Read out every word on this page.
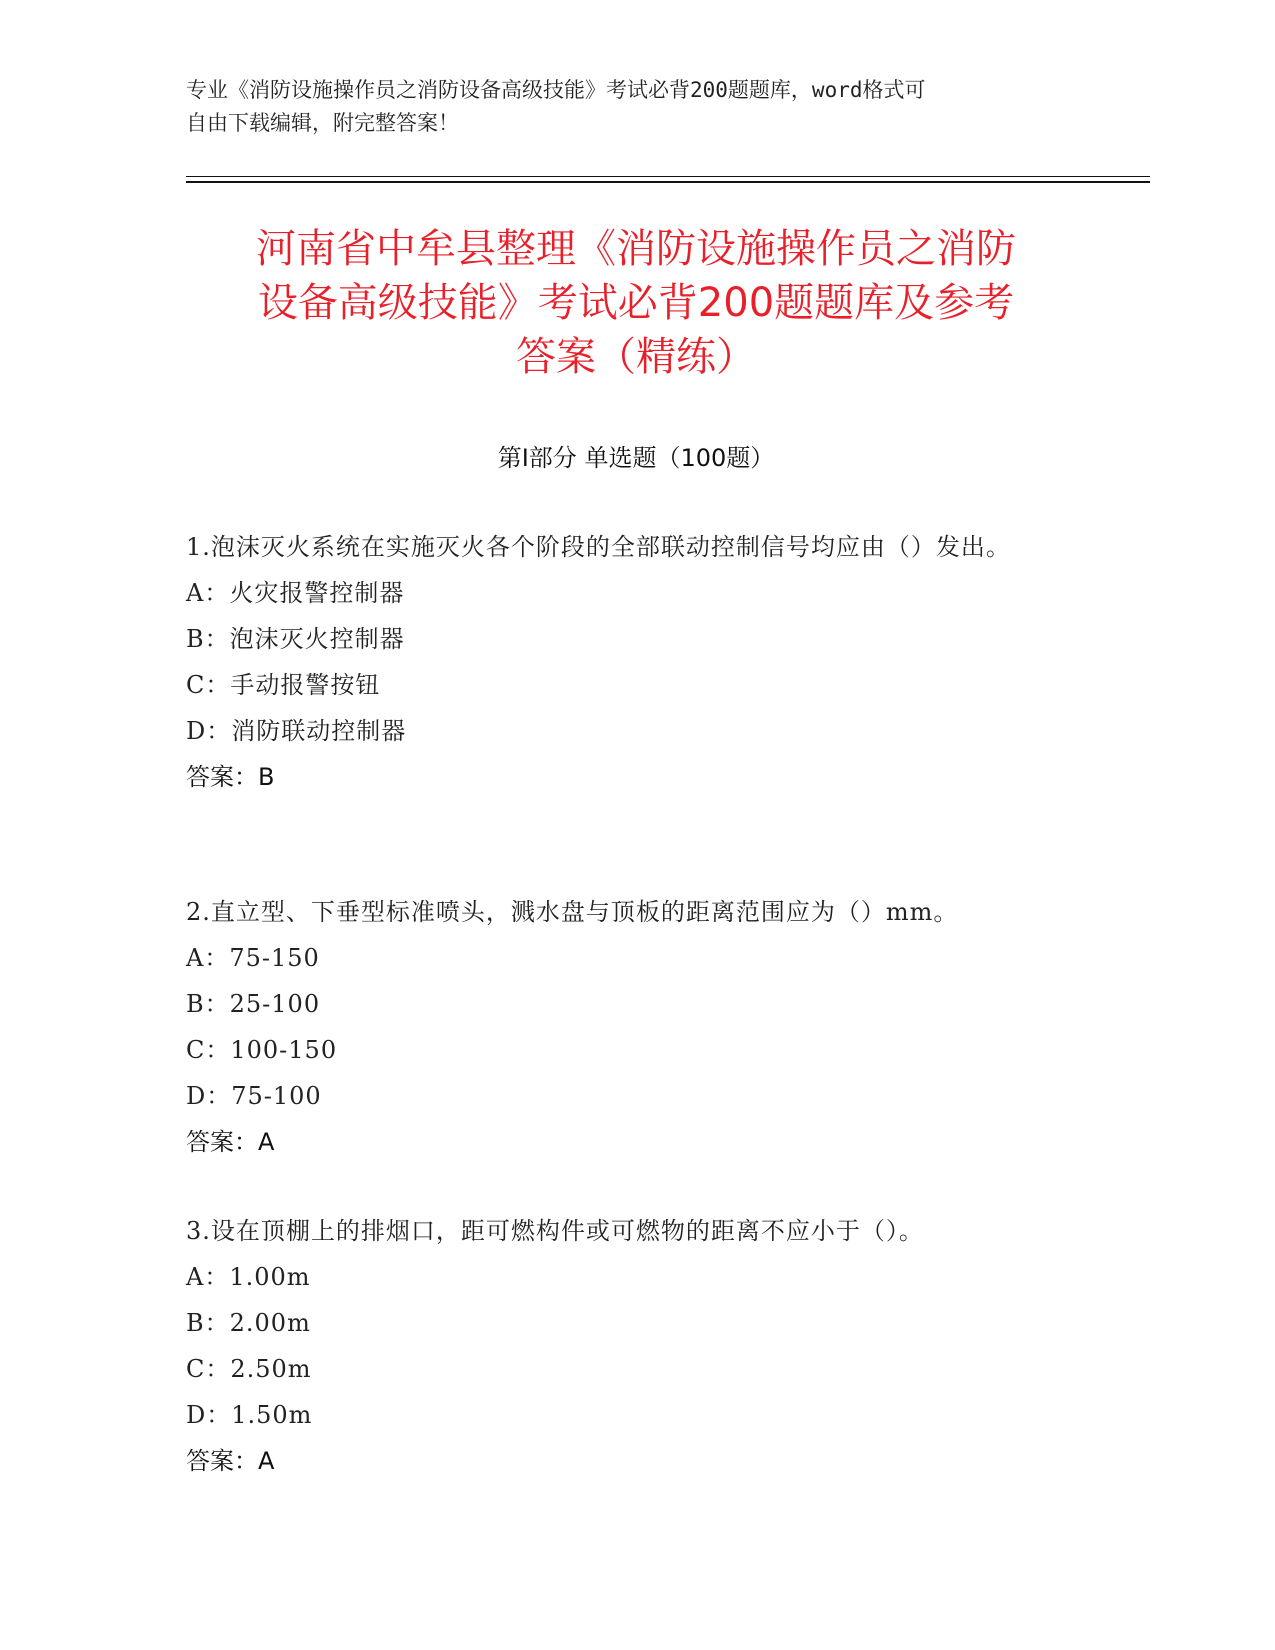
专业《消防设施操作员之消防设备高级技能》考试必背200题题库，word格式可
自由下载编辑，附完整答案！
河南省中牟县整理《消防设施操作员之消防
设备高级技能》考试必背200题题库及参考
答案（精练）
第I部分 单选题（100题）

1.泡沫灭火系统在实施灭火各个阶段的全部联动控制信号均应由（）发出。

A：火灾报警控制器
B：泡沫灭火控制器
C：手动报警按钮
D：消防联动控制器
答案：B

2.直立型、下垂型标准喷头，溅水盘与顶板的距离范围应为（）mm。

A：75-150
B：25-100
C：100-150
D：75-100
答案：A

3.设在顶棚上的排烟口，距可燃构件或可燃物的距离不应小于（）。

A：1.00m
B：2.00m
C：2.50m
D：1.50m
答案：A
